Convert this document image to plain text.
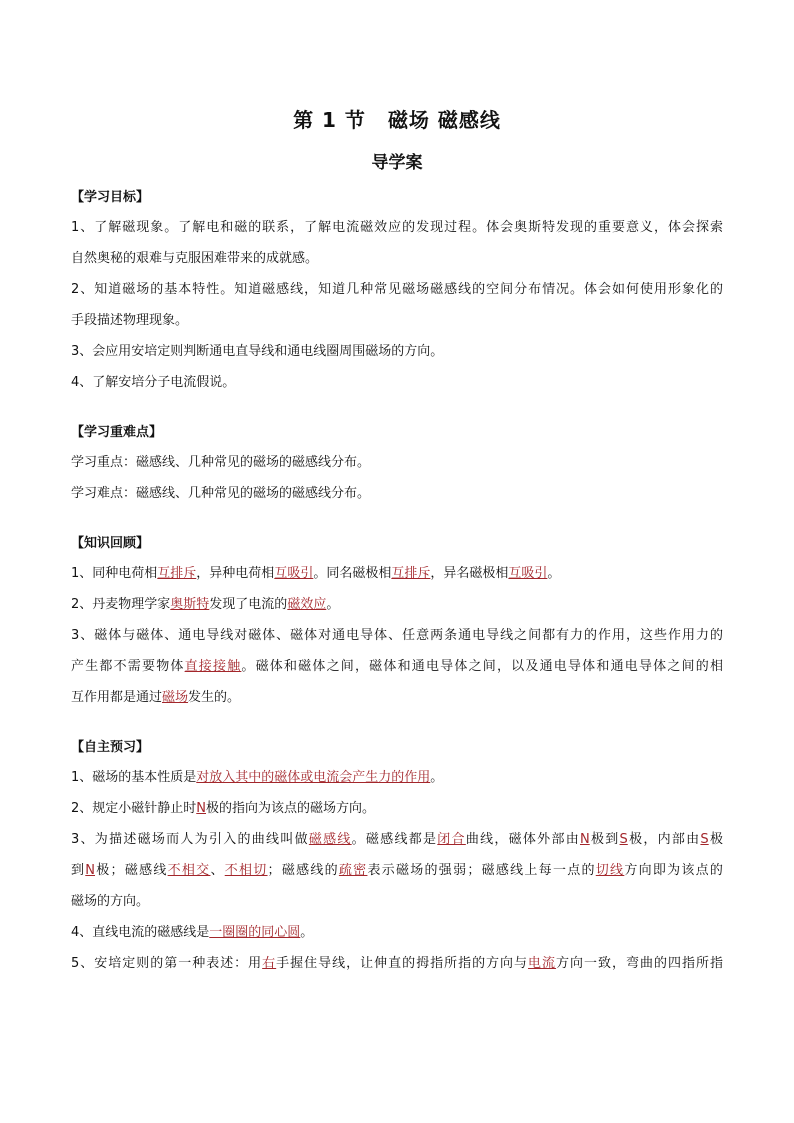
第 1 节 磁场 磁感线
导学案
【学习目标】
1、了解磁现象。了解电和磁的联系，了解电流磁效应的发现过程。体会奥斯特发现的重要意义，体会探索
自然奥秘的艰难与克服困难带来的成就感。
2、知道磁场的基本特性。知道磁感线，知道几种常见磁场磁感线的空间分布情况。体会如何使用形象化的
手段描述物理现象。
3、会应用安培定则判断通电直导线和通电线圈周围磁场的方向。
4、了解安培分子电流假说。
【学习重难点】
学习重点：磁感线、几种常见的磁场的磁感线分布。
学习难点：磁感线、几种常见的磁场的磁感线分布。
【知识回顾】
1、同种电荷相互排斥，异种电荷相互吸引。同名磁极相互排斥，异名磁极相互吸引。
2、丹麦物理学家奥斯特发现了电流的磁效应。
3、磁体与磁体、通电导线对磁体、磁体对通电导体、任意两条通电导线之间都有力的作用，这些作用力的
产生都不需要物体直接接触。磁体和磁体之间，磁体和通电导体之间，以及通电导体和通电导体之间的相
互作用都是通过磁场发生的。
【自主预习】
1、磁场的基本性质是对放入其中的磁体或电流会产生力的作用。
2、规定小磁针静止时N极的指向为该点的磁场方向。
3、为描述磁场而人为引入的曲线叫做磁感线。磁感线都是闭合曲线，磁体外部由N极到S极，内部由S极
到N极；磁感线不相交、不相切；磁感线的疏密表示磁场的强弱；磁感线上每一点的切线方向即为该点的
磁场的方向。
4、直线电流的磁感线是一圈圈的同心圆。
5、安培定则的第一种表述：用右手握住导线，让伸直的拇指所指的方向与电流方向一致，弯曲的四指所指
